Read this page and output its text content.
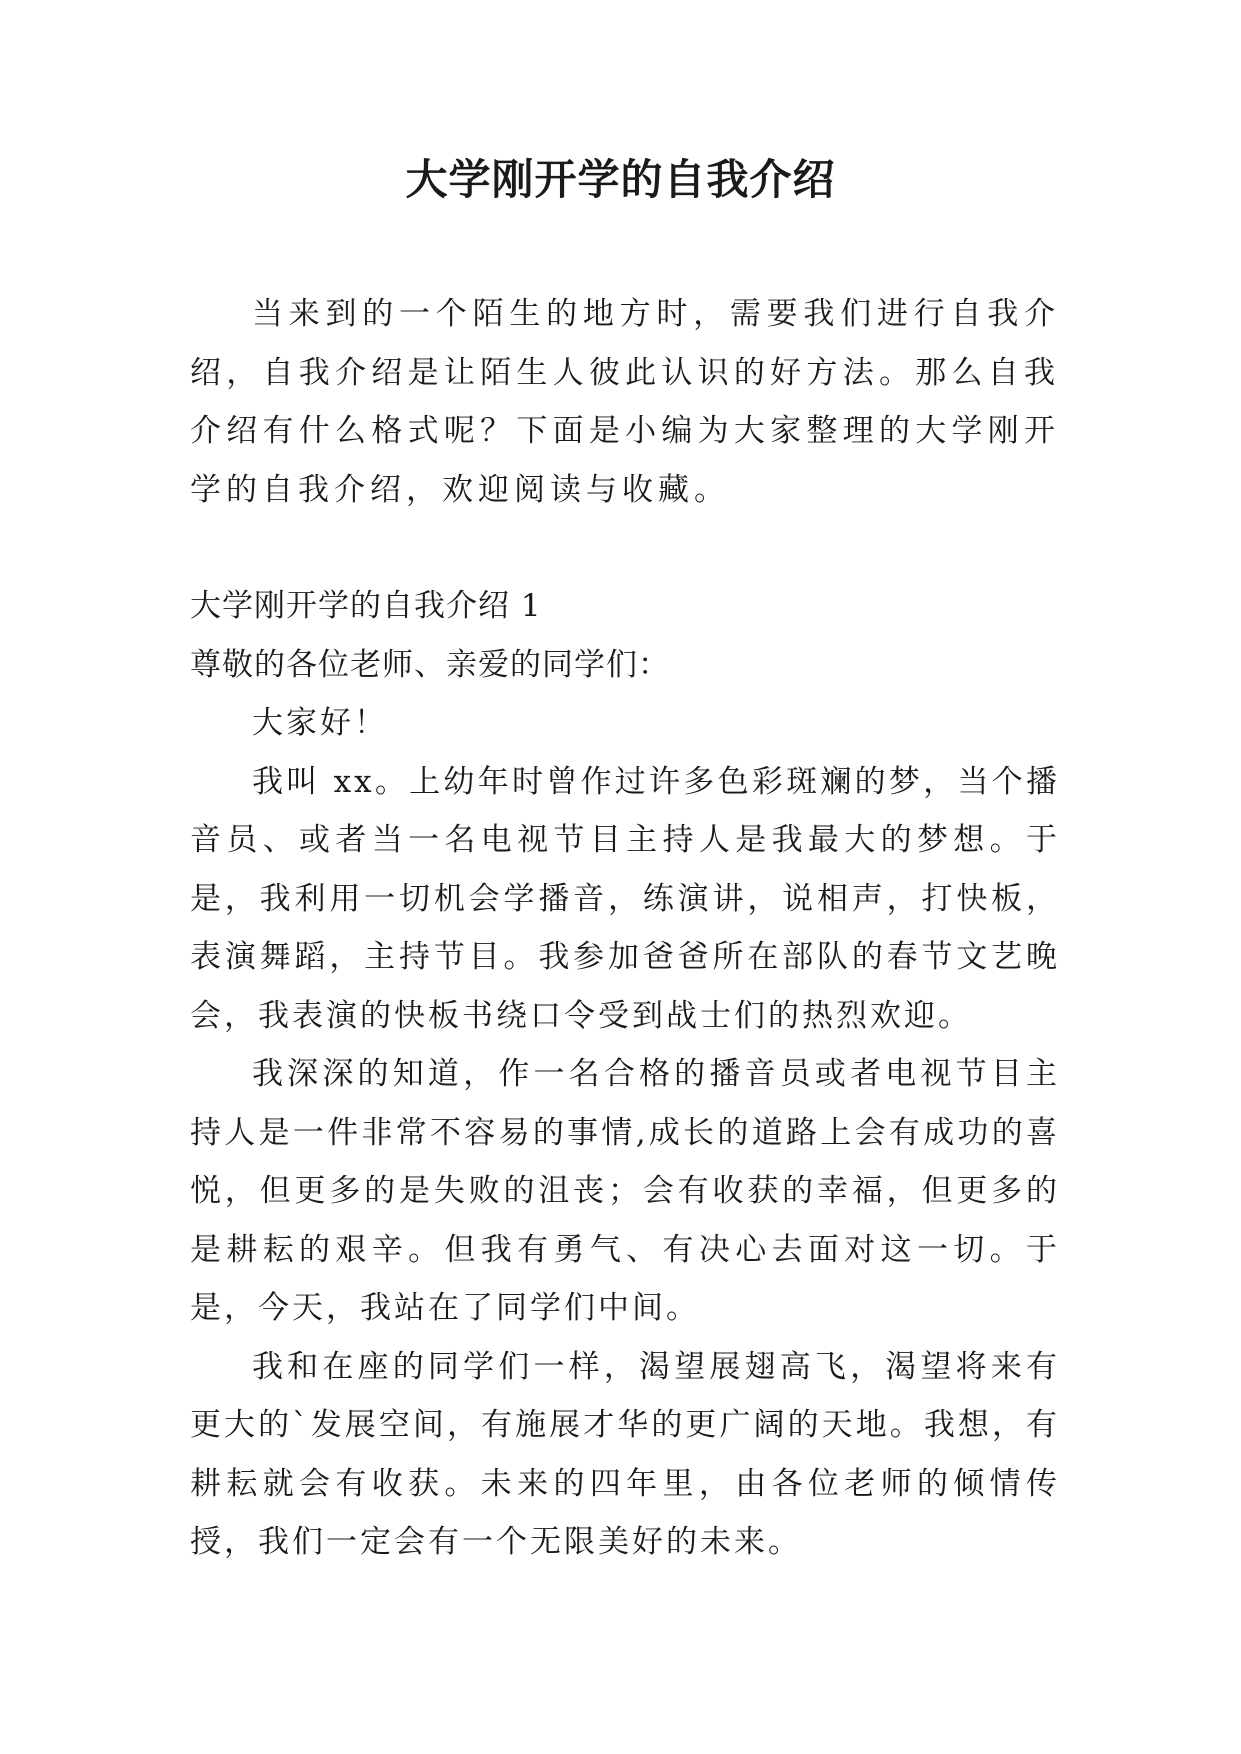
大学刚开学的自我介绍

当来到的一个陌生的地方时，需要我们进行自我介绍，自我介绍是让陌生人彼此认识的好方法。那么自我介绍有什么格式呢？下面是小编为大家整理的大学刚开学的自我介绍，欢迎阅读与收藏。

大学刚开学的自我介绍 1

尊敬的各位老师、亲爱的同学们：

大家好！

我叫 xx。上幼年时曾作过许多色彩斑斓的梦，当个播音员、或者当一名电视节目主持人是我最大的梦想。于是，我利用一切机会学播音，练演讲，说相声，打快板，表演舞蹈，主持节目。我参加爸爸所在部队的春节文艺晚会，我表演的快板书绕口令受到战士们的热烈欢迎。

我深深的知道，作一名合格的播音员或者电视节目主持人是一件非常不容易的事情,成长的道路上会有成功的喜悦，但更多的是失败的沮丧；会有收获的幸福，但更多的是耕耘的艰辛。但我有勇气、有决心去面对这一切。于是，今天，我站在了同学们中间。

我和在座的同学们一样，渴望展翅高飞，渴望将来有更大的`发展空间，有施展才华的更广阔的天地。我想，有耕耘就会有收获。未来的四年里，由各位老师的倾情传授，我们一定会有一个无限美好的未来。
